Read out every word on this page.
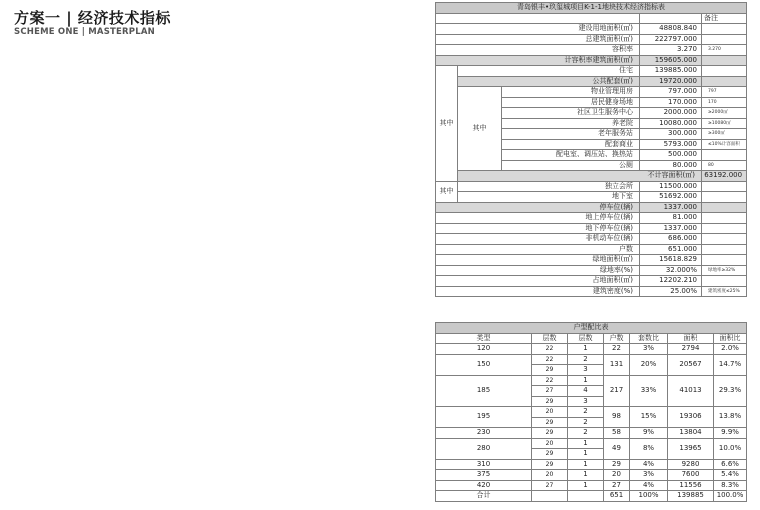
方案一 | 经济技术指标
SCHEME ONE | MASTERPLAN
青岛银丰•玖玺城项目K-1-1地块技术经济指标表					
				备注	
建设用地面积(㎡)			48808.840		
总建筑面积(㎡)			222797.000		
容积率			3.270	3.270	
计容积率建筑面积(㎡)			159605.000		
其中	住宅		139885.000		
	公共配套(㎡)		19720.000		
	其中	物业管理用房	797.000	797	
		居民健身场地	170.000	170	
		社区卫生服务中心	2000.000	≥2000㎡	
		养老院	10080.000	≥10080㎡	
		老年服务站	300.000	≥300㎡	
		配套商业	5793.000	≤10%计容面积	
		配电室、调压站、换热站	500.000		
		公厕	80.000	80	
	不计容面积(㎡)			63192.000	
其中	独立会所		11500.000		
	地下室		51692.000		
停车位(辆)			1337.000		
地上停车位(辆)			81.000		
地下停车位(辆)			1337.000		
非机动车位(辆)			686.000		
户数			651.000		
绿地面积(㎡)			15618.829		
绿地率(%)			32.000%	绿地率≥32%	
占地面积(㎡)			12202.210		
建筑密度(%)			25.00%	建筑密度≤25%	
户型配比表						
类型	层数	层数	户数	套数比	面积	面积比
120	22	1	22	3%	2794	2.0%
150	22	2	131	20%	20567	14.7%
	29	3				
185	22	1	217	33%	41013	29.3%
	27	4				
	29	3				
195	20	2	98	15%	19306	13.8%
	29	2				
230	29	2	58	9%	13804	9.9%
280	20	1	49	8%	13965	10.0%
	29	1				
310	29	1	29	4%	9280	6.6%
375	20	1	20	3%	7600	5.4%
420	27	1	27	4%	11556	8.3%
合计			651	100%	139885	100.0%
